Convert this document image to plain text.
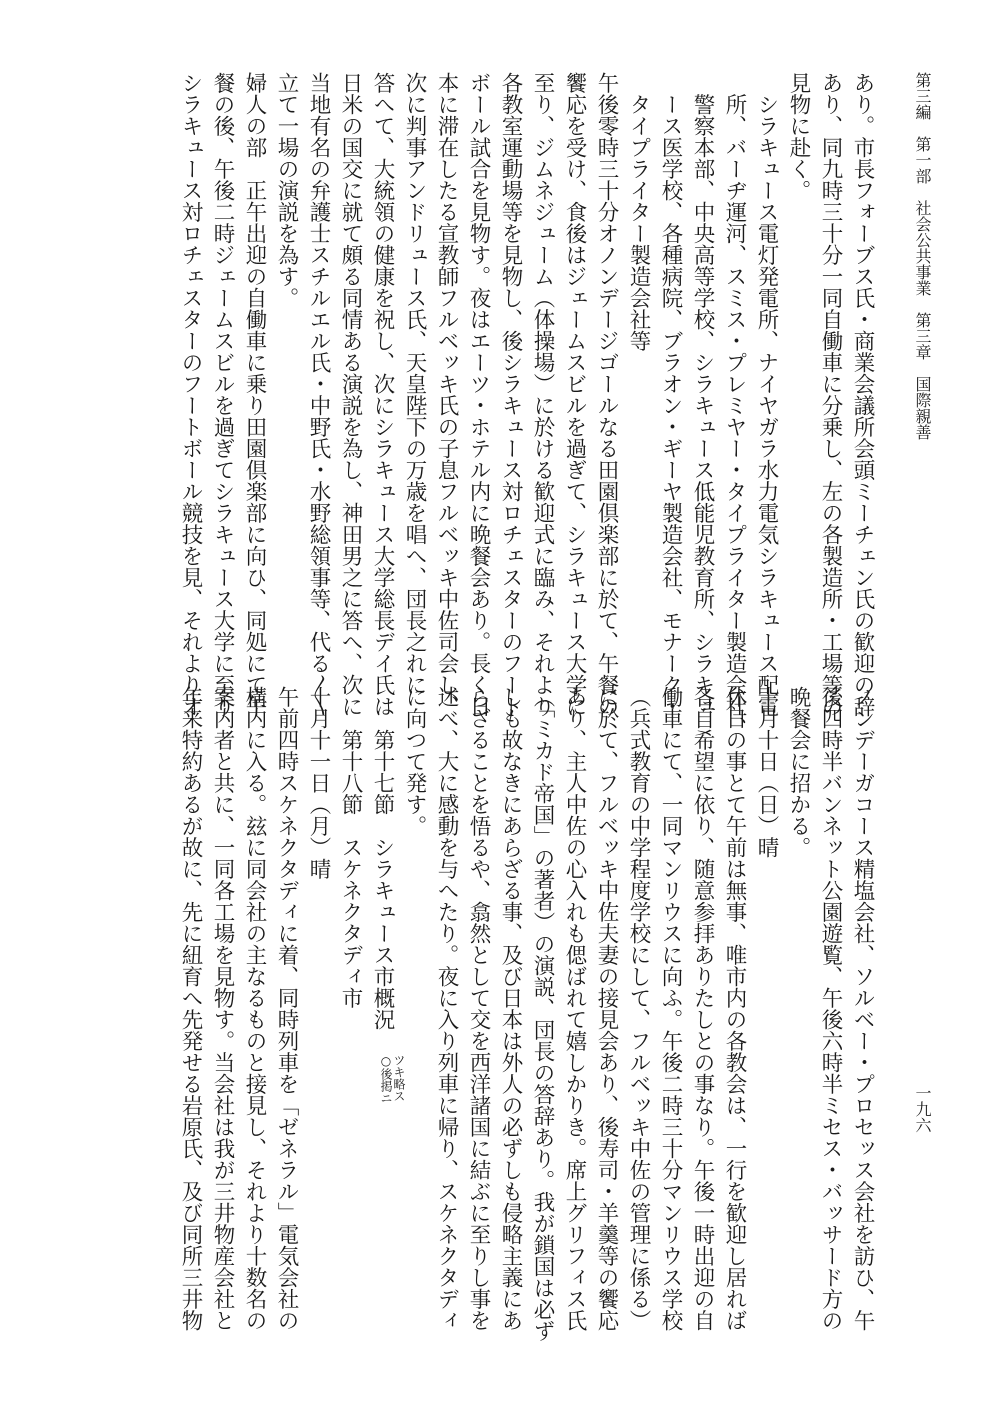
第三編　第一部　社会公共事業　第三章　国際親善
一九六
あり。市長フォーブス氏・商業会議所会頭ミーチェン氏の歓迎の辞
あり、同九時三十分一同自働車に分乗し、左の各製造所・工場等の
見物に赴く。
　シラキュース電灯発電所、ナイヤガラ水力電気シラキュース配電
　所、バーヂ運河、スミス・プレミヤー・タイプライター製造会社、
　警察本部、中央高等学校、シラキュース低能児教育所、シラキュ
　ース医学校、各種病院、ブラオン・ギーヤ製造会社、モナーク・
　タイプライター製造会社等
午後零時三十分オノンデージゴールなる田園倶楽部に於て、午餐の
饗応を受け、食後はジェームスビルを過ぎて、シラキュース大学に
至り、ジムネジューム（体操場）に於ける歓迎式に臨み、それより
各教室運動場等を見物し、後シラキュース対ロチェスターのフート
ボール試合を見物す。夜はエーツ・ホテル内に晩餐会あり。長く日
本に滞在したる宣教師フルベッキ氏の子息フルベッキ中佐司会し、
次に判事アンドリュース氏、天皇陛下の万歳を唱へ、団長之れに
答へて、大統領の健康を祝し、次にシラキュース大学総長デイ氏は
日米の国交に就て頗る同情ある演説を為し、神田男之に答へ、次に
当地有名の弁護士スチルエル氏・中野氏・水野総領事等、代る〳〵
立て一場の演説を為す。
婦人の部　正午出迎の自働車に乗り田園倶楽部に向ひ、同処にて午
餐の後、午後二時ジェームスビルを過ぎてシラキュース大学に至り
シラキュース対ロチェスターのフートボール競技を見、それよりオ
ノンデーガコース精塩会社、ソルベー・プロセッス会社を訪ひ、午
後四時半バンネット公園遊覧、午後六時半ミセス・バッサード方の
晩餐会に招かる。
十月十日（日）晴
休日の事とて午前は無事、唯市内の各教会は、一行を歓迎し居れば
各自希望に依り、随意参拝ありたしとの事なり。午後一時出迎の自
働車にて、一同マンリウスに向ふ。午後二時三十分マンリウス学校
（兵式教育の中学程度学校にして、フルベッキ中佐の管理に係る）
に於て、フルベッキ中佐夫妻の接見会あり、後寿司・羊羹等の饗応
あり、主人中佐の心入れも偲ばれて嬉しかりき。席上グリフィス氏
（「ミカド帝国」の著者）の演説、団長の答辞あり。我が鎖国は必ず
しも故なきにあらざる事、及び日本は外人の必ずしも侵略主義にあ
らざることを悟るや、翕然として交を西洋諸国に結ぶに至りし事を
述べ、大に感動を与へたり。夜に入り列車に帰り、スケネクタディ
に向つて発す。
　　第十七節　シラキュース市概況
　　第十八節　スケネクタディ市
十月十一日（月）晴
午前四時スケネクタディに着、同時列車を「ゼネラル」電気会社の
構内に入る。玆に同会社の主なるものと接見し、それより十数名の
案内者と共に、一同各工場を見物す。当会社は我が三井物産会社と
年来特約あるが故に、先に紐育へ先発せる岩原氏、及び同所三井物	○後掲ニ ツキ略ス
